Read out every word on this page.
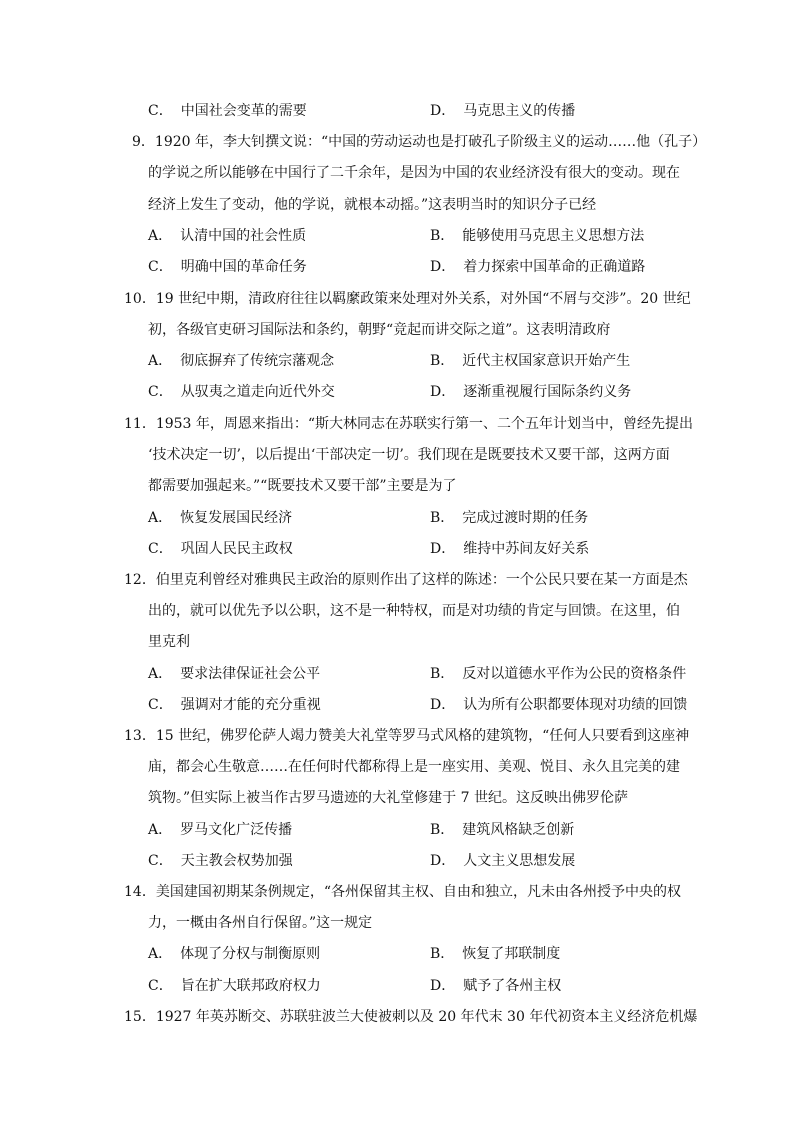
C． 中国社会变革的需要	D． 马克思主义的传播
9．1920 年，李大钊撰文说：“中国的劳动运动也是打破孔子阶级主义的运动……他（孔子）
的学说之所以能够在中国行了二千余年，是因为中国的农业经济没有很大的变动。现在
经济上发生了变动，他的学说，就根本动摇。”这表明当时的知识分子已经
A． 认清中国的社会性质	B． 能够使用马克思主义思想方法
C． 明确中国的革命任务	D． 着力探索中国革命的正确道路
10．19 世纪中期，清政府往往以羁縻政策来处理对外关系，对外国“不屑与交涉”。20 世纪
初，各级官吏研习国际法和条约，朝野“竞起而讲交际之道”。这表明清政府
A． 彻底摒弃了传统宗藩观念	B． 近代主权国家意识开始产生
C． 从驭夷之道走向近代外交	D． 逐渐重视履行国际条约义务
11．1953 年，周恩来指出：“斯大林同志在苏联实行第一、二个五年计划当中，曾经先提出
‘技术决定一切’，以后提出‘干部决定一切’。我们现在是既要技术又要干部，这两方面
都需要加强起来。”“既要技术又要干部”主要是为了
A． 恢复发展国民经济	B． 完成过渡时期的任务
C． 巩固人民民主政权	D． 维持中苏间友好关系
12．伯里克利曾经对雅典民主政治的原则作出了这样的陈述：一个公民只要在某一方面是杰
出的，就可以优先予以公职，这不是一种特权，而是对功绩的肯定与回馈。在这里，伯
里克利
A． 要求法律保证社会公平	B． 反对以道德水平作为公民的资格条件
C． 强调对才能的充分重视	D． 认为所有公职都要体现对功绩的回馈
13．15 世纪，佛罗伦萨人竭力赞美大礼堂等罗马式风格的建筑物，“任何人只要看到这座神
庙，都会心生敬意……在任何时代都称得上是一座实用、美观、悦目、永久且完美的建
筑物。”但实际上被当作古罗马遗迹的大礼堂修建于 7 世纪。这反映出佛罗伦萨
A． 罗马文化广泛传播	B． 建筑风格缺乏创新
C． 天主教会权势加强	D． 人文主义思想发展
14．美国建国初期某条例规定，“各州保留其主权、自由和独立，凡未由各州授予中央的权
力，一概由各州自行保留。”这一规定
A． 体现了分权与制衡原则	B． 恢复了邦联制度
C． 旨在扩大联邦政府权力	D． 赋予了各州主权
15．1927 年英苏断交、苏联驻波兰大使被刺以及 20 年代末 30 年代初资本主义经济危机爆
